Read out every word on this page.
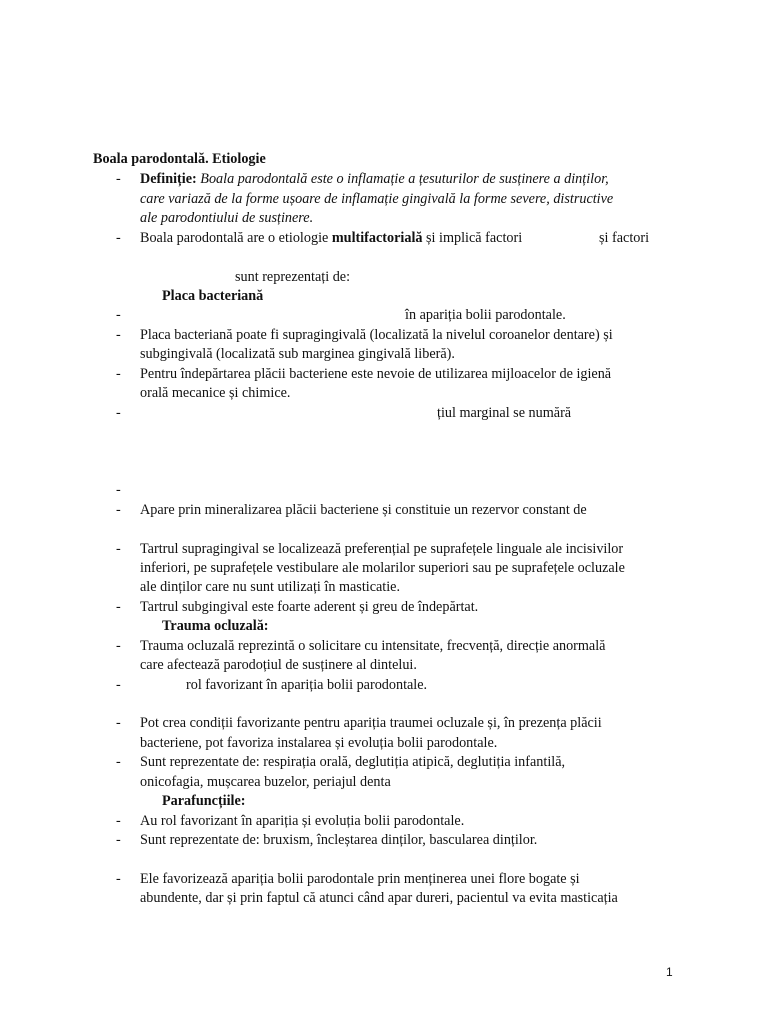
Boala parodontală. Etiologie
- Definiție: Boala parodontală este o inflamație a țesuturilor de susținere a dinților,
care variază de la forme ușoare de inflamație gingivală la forme severe, distructive
ale parodontiului de susținere.
- Boala parodontală are o etiologie multifactorială și implică factori	și factori
sunt reprezentați de:
Placa bacteriană
-	în apariția bolii parodontale.
- Placa bacteriană poate fi supragingivală (localizată la nivelul coroanelor dentare) și
subgingivală (localizată sub marginea gingivală liberă).
- Pentru îndepărtarea plăcii bacteriene este nevoie de utilizarea mijloacelor de igienă
orală mecanice și chimice.
-	țiul marginal se numără
-
- Apare prin mineralizarea plăcii bacteriene și constituie un rezervor constant de
- Tartrul supragingival se localizează preferențial pe suprafețele linguale ale incisivilor
inferiori, pe suprafețele vestibulare ale molarilor superiori sau pe suprafețele ocluzale
ale dinților care nu sunt utilizați în masticatie.
- Tartrul subgingival este foarte aderent și greu de îndepărtat.
Trauma ocluzală:
- Trauma ocluzală reprezintă o solicitare cu intensitate, frecvență, direcție anormală
care afectează parodoțiul de susținere al dintelui.
-	rol favorizant în apariția bolii parodontale.
- Pot crea condiții favorizante pentru apariția traumei ocluzale și, în prezența plăcii
bacteriene, pot favoriza instalarea și evoluția bolii parodontale.
- Sunt reprezentate de: respirația orală, deglutiția atipică, deglutiția infantilă,
onicofagia, mușcarea buzelor, periajul denta
Parafuncțiile:
- Au rol favorizant în apariția și evoluția bolii parodontale.
- Sunt reprezentate de: bruxism, încleștarea dinților, bascularea dinților.
- Ele favorizează apariția bolii parodontale prin menținerea unei flore bogate și
abundente, dar și prin faptul că atunci când apar dureri, pacientul va evita masticația
1
